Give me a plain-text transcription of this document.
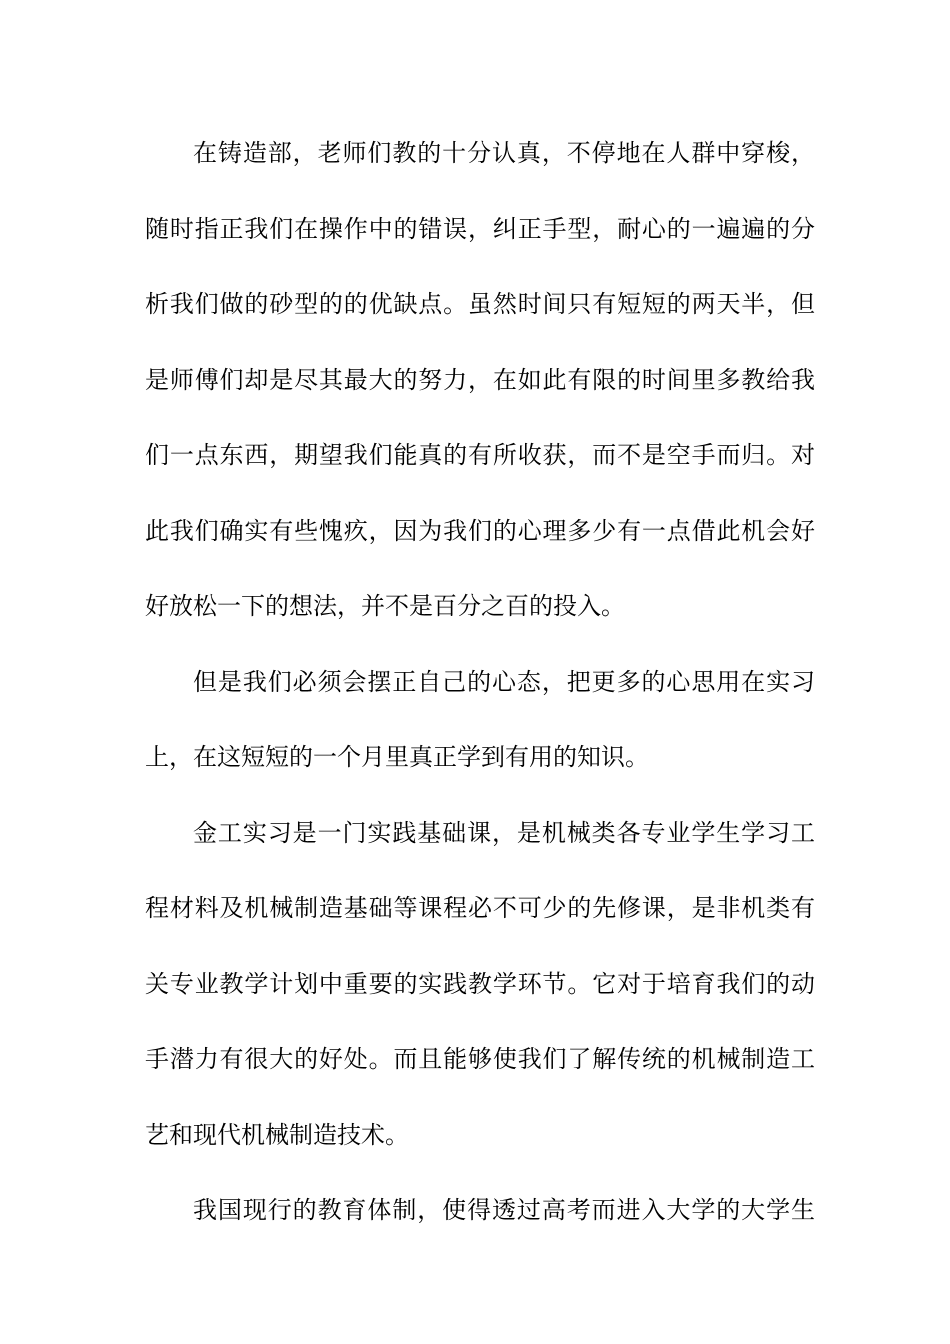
在铸造部，老师们教的十分认真，不停地在人群中穿梭，
随时指正我们在操作中的错误，纠正手型，耐心的一遍遍的分
析我们做的砂型的的优缺点。虽然时间只有短短的两天半，但
是师傅们却是尽其最大的努力，在如此有限的时间里多教给我
们一点东西，期望我们能真的有所收获，而不是空手而归。对
此我们确实有些愧疚，因为我们的心理多少有一点借此机会好
好放松一下的想法，并不是百分之百的投入。
但是我们必须会摆正自己的心态，把更多的心思用在实习
上，在这短短的一个月里真正学到有用的知识。
金工实习是一门实践基础课，是机械类各专业学生学习工
程材料及机械制造基础等课程必不可少的先修课，是非机类有
关专业教学计划中重要的实践教学环节。它对于培育我们的动
手潜力有很大的好处。而且能够使我们了解传统的机械制造工
艺和现代机械制造技术。
我国现行的教育体制，使得透过高考而进入大学的大学生
